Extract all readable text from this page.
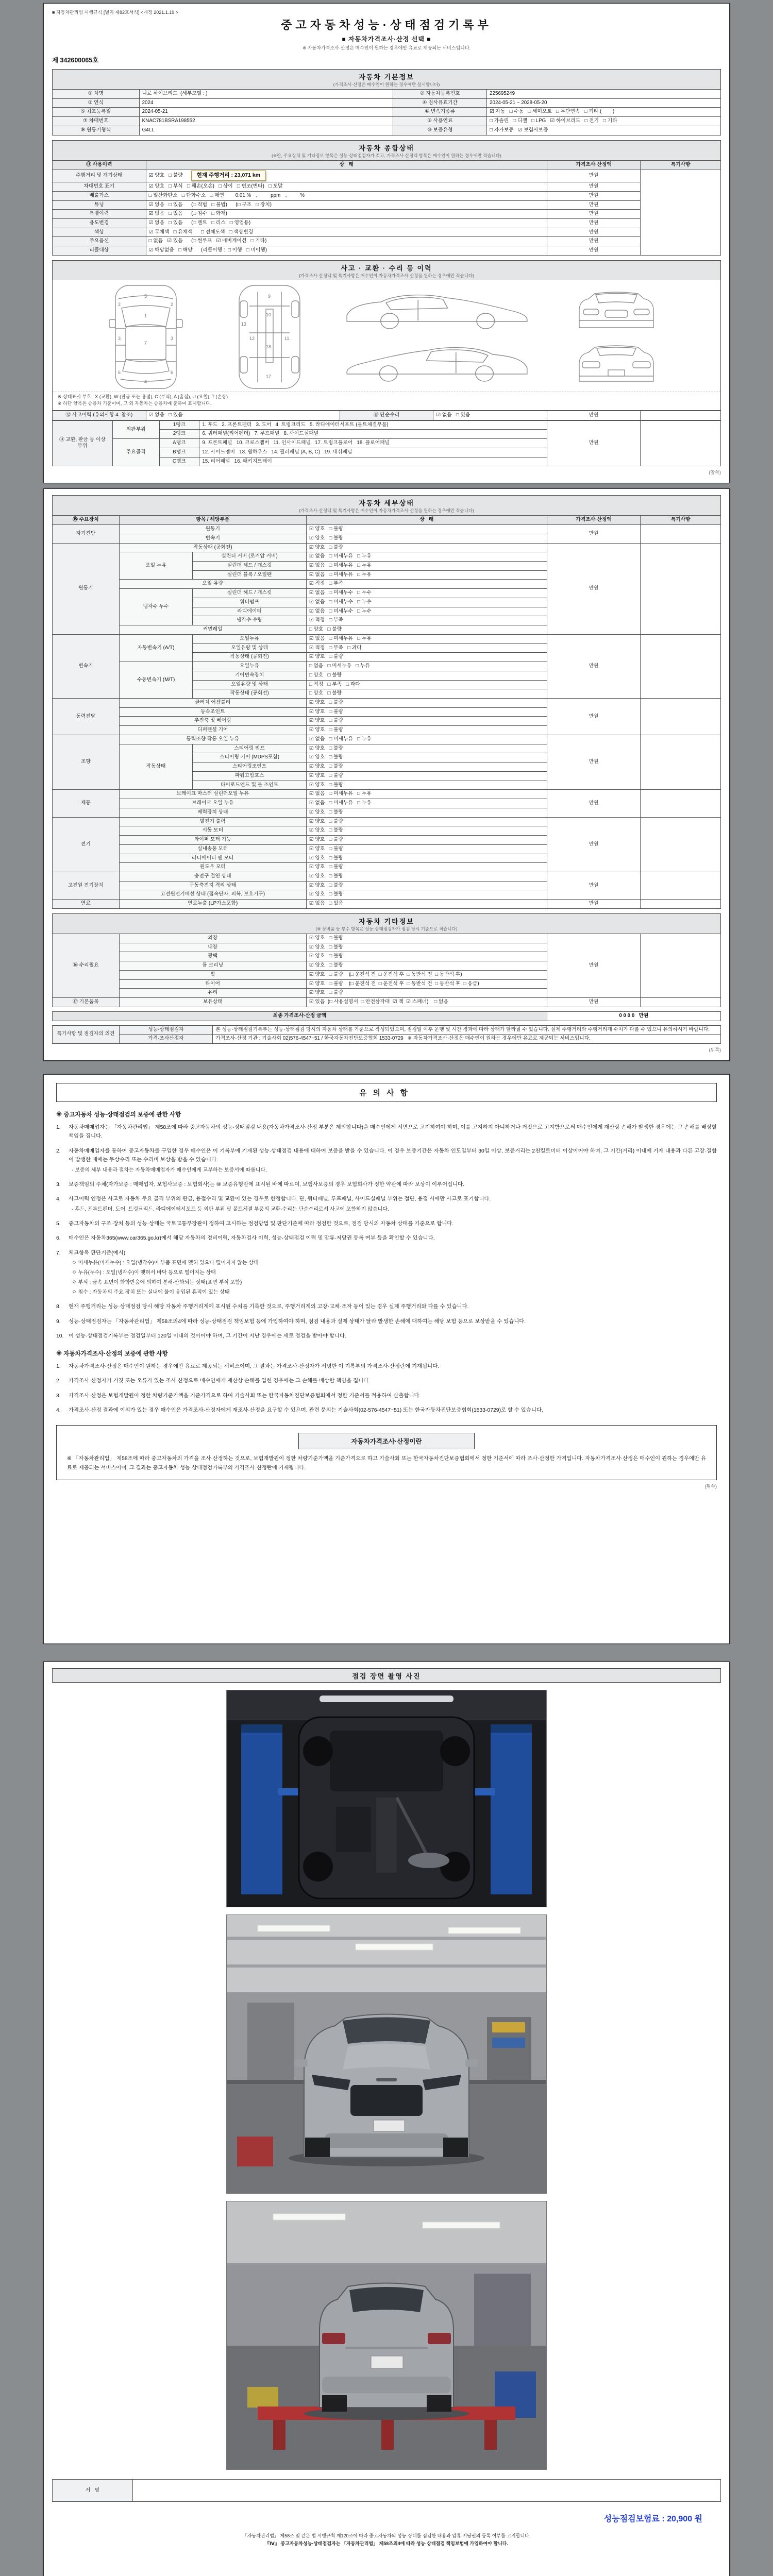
■ 자동차관리법 시행규칙 [별지 제82호서식] <개정 2021.1.19.>
중고자동차성능·상태점검기록부
■ 자동차가격조사·산정 선택 ■
※ 자동차가격조사·산정은 매수인이 원하는 경우에만 유료로 제공되는 서비스입니다.
제 342600065호
자동차 기본정보
(가격조사·산정은 매수인이 원하는 경우에만 실시합니다)
① 차명	니로 하이브리드  (세부모델 : )	② 자동차등록번호	225695249
③ 연식	2024	④ 검사유효기간	2024-05-21 ~ 2028-05-20
⑤ 최초등록일	2024-05-21	⑥ 변속기종류	☑ 자동   □ 수동   □ 세미오토   □ 무단변속   □ 기타 (        )
⑦ 차대번호	KNAC781BSRA198552	⑧ 사용연료	□ 가솔린   □ 디젤   □ LPG   ☑ 하이브리드   □ 전기   □ 기타
⑨ 원동기형식	G4LL	⑩ 보증유형	□ 자가보증   ☑ 보험사보증
자동차 종합상태
(※란, 주요장치 및 기타정보 항목은 성능·상태점검자가 적고, 가격조사·산정액 항목은 매수인이 원하는 경우에만 적습니다)
⑪ 사용이력	상   태	가격조사·산정액	특기사항
주행거리 및 계기상태	☑ 양호   □ 불량 현재 주행거리 : 23,071 km	만원	
차대번호 표기	☑ 양호   □ 부식   □ 훼손(오손)   □ 상이   □ 변조(변타)   □ 도말	만원	
배출가스	□ 일산화탄소   □ 탄화수소   □ 매연        0.01 %ㅤ,ㅤ      ppmㅤ,ㅤ      %	만원	
튜닝	☑ 없음   □ 있음      (□ 적법   □ 불법)      (□ 구조   □ 장치)	만원	
특별이력	☑ 없음   □ 있음      (□ 침수   □ 화재)	만원	
용도변경	☑ 없음   □ 있음      (□ 렌트   □ 리스   □ 영업용)	만원	
색상	☑ 무채색   □ 유채색      □ 전체도색   □ 색상변경	만원	
주요옵션	□ 없음   ☑ 있음      (□ 썬루프   ☑ 네비게이션   □ 기타)	만원	
리콜대상	☑ 해당없음   □ 해당      (리콜이행 :  □ 이행   □ 미이행)	만원	
사고 · 교환 · 수리 등 이력
(가격조사·산정액 및 특기사항은 매수인이 자동차가격조사·산정을 원하는 경우에만 적습니다)
5
1
7
4
2	2
3	3
6	6
9
10
18
17
12	11
13
※ 상태표시 부호 : X (교환), W (판금 또는 용접), C (부식), A (흠집), U (요철), T (손상)
※ 하단 항목은 승용차 기준이며, 그 외 자동차는 승용차에 준하여 표시합니다.
⑫ 사고이력 (유의사항 4. 참조)	☑ 없음   □ 있음	⑬ 단순수리	☑ 없음   □ 있음	만원	
⑭ 교환, 판금 등 이상 부위	외판부위	1랭크	1. 후드   2. 프론트펜더   3. 도어   4. 트렁크리드   5. 라디에이터서포트 (볼트체결부품)	만원	
		2랭크	6. 쿼터패널(리어펜더)   7. 루프패널   8. 사이드실패널		
	주요골격	A랭크	9. 프론트패널   10. 크로스멤버   11. 인사이드패널   17. 트렁크플로어   18. 플로어패널		
		B랭크	12. 사이드멤버   13. 휠하우스   14. 필러패널 (A, B, C)   19. 대쉬패널		
		C랭크	15. 리어패널   16. 패키지트레이		
(앞쪽)
자동차 세부상태
(가격조사·산정액 및 특기사항은 매수인이 자동차가격조사·산정을 원하는 경우에만 적습니다)
⑮ 주요장치	항목 / 해당부품		상   태	가격조사·산정액	특기사항
자기진단	원동기		☑ 양호   □ 불량	만원	
	변속기		☑ 양호   □ 불량		
원동기	작동상태 (공회전)		☑ 양호   □ 불량	만원	
	오일 누유	실린더 커버 (로커암 커버)	☑ 없음   □ 미세누유   □ 누유		
		실린더 헤드 / 개스킷	☑ 없음   □ 미세누유   □ 누유		
		실린더 블록 / 오일팬	☑ 없음   □ 미세누유   □ 누유		
	오일 유량		☑ 적정   □ 부족		
	냉각수 누수	실린더 헤드 / 개스킷	☑ 없음   □ 미세누수   □ 누수		
		워터펌프	☑ 없음   □ 미세누수   □ 누수		
		라디에이터	☑ 없음   □ 미세누수   □ 누수		
		냉각수 수량	☑ 적정   □ 부족		
	커먼레일		□ 양호   □ 불량		
변속기	자동변속기 (A/T)	오일누유	☑ 없음   □ 미세누유   □ 누유	만원	
		오일유량 및 상태	☑ 적정   □ 부족   □ 과다		
		작동상태 (공회전)	☑ 양호   □ 불량		
	수동변속기 (M/T)	오일누유	□ 없음   □ 미세누유   □ 누유		
		기어변속장치	□ 양호   □ 불량		
		오일유량 및 상태	□ 적정   □ 부족   □ 과다		
		작동상태 (공회전)	□ 양호   □ 불량		
동력전달	클러치 어셈블리		☑ 양호   □ 불량	만원	
	등속조인트		☑ 양호   □ 불량		
	추진축 및 베어링		☑ 양호   □ 불량		
	디퍼렌셜 기어		☑ 양호   □ 불량		
조향	동력조향 작동 오일 누유		☑ 없음   □ 미세누유   □ 누유	만원	
	작동상태	스티어링 펌프	☑ 양호   □ 불량		
		스티어링 기어 (MDPS포함)	☑ 양호   □ 불량		
		스티어링조인트	☑ 양호   □ 불량		
		파워고압호스	☑ 양호   □ 불량		
		타이로드엔드 및 볼 조인트	☑ 양호   □ 불량		
제동	브레이크 마스터 실린더오일 누유		☑ 없음   □ 미세누유   □ 누유	만원	
	브레이크 오일 누유		☑ 없음   □ 미세누유   □ 누유		
	배력장치 상태		☑ 양호   □ 불량		
전기	발전기 출력		☑ 양호   □ 불량	만원	
	시동 모터		☑ 양호   □ 불량		
	와이퍼 모터 기능		☑ 양호   □ 불량		
	실내송풍 모터		☑ 양호   □ 불량		
	라디에이터 팬 모터		☑ 양호   □ 불량		
	윈도우 모터		☑ 양호   □ 불량		
고전원 전기장치	충전구 절연 상태		☑ 양호   □ 불량	만원	
	구동축전지 격리 상태		☑ 양호   □ 불량		
	고전원전기배선 상태 (접속단자, 피복, 보호기구)		☑ 양호   □ 불량		
연료	연료누출 (LP가스포함)		☑ 없음   □ 있음	만원	
자동차 기타정보
(※ 장비품 등 부수 항목은 성능·상태점검자가 점검 당시 기준으로 적습니다)
⑯ 수리필요	외장	☑ 양호   □ 불량	만원	
	내장	☑ 양호   □ 불량		
	광택	☑ 양호   □ 불량		
	룸 크리닝	☑ 양호   □ 불량		
	휠	☑ 양호   □ 불량    (□ 운전석 전  □ 운전석 후  □ 동반석 전  □ 동반석 후)		
	타이어	☑ 양호   □ 불량    (□ 운전석 전  □ 운전석 후  □ 동반석 전  □ 동반석 후  □ 응급)		
	유리	☑ 양호   □ 불량		
⑰ 기본품목	보유상태	☑ 있음  (□ 사용설명서  □ 안전삼각대  ☑ 잭  ☑ 스패너)    □ 없음	만원	
최종 가격조사·산정 금액	0 0 0 0   만원
특기사항 및 점검자의 의견	성능·상태점검자	본 성능·상태점검기록부는 성능·상태점검 당시의 자동차 상태를 기준으로 작성되었으며, 점검일 이후 운행 및 시간 경과에 따라 상태가 달라질 수 있습니다. 실제 주행거리와 주행거리계 수치가 다를 수 있으니 유의하시기 바랍니다.
	가격·조사산정자	가격조사·산정 기관 : 기술사회 02)576-4547~51 / 한국자동차진단보증협회 1533-0729   ※ 자동차가격조사·산정은 매수인이 원하는 경우에만 유료로 제공되는 서비스입니다.
(뒤쪽)
유의사항
※ 중고자동차 성능·상태점검의 보증에 관한 사항
1.	자동차매매업자는 「자동차관리법」 제58조에 따라 중고자동차의 성능·상태점검 내용(자동차가격조사·산정 부분은 제외합니다)을 매수인에게 서면으로 고지하여야 하며, 이를 고지하지 아니하거나 거짓으로 고지함으로써 매수인에게 재산상 손해가 발생한 경우에는 그 손해를 배상할 책임을 집니다.
2.	자동차매매업자를 통하여 중고자동차를 구입한 경우 매수인은 이 기록부에 기재된 성능·상태점검 내용에 대하여 보증을 받을 수 있습니다. 이 경우 보증기간은 자동차 인도일부터 30일 이상, 보증거리는 2천킬로미터 이상이어야 하며, 그 기간(거리) 이내에 기재 내용과 다른 고장·결함이 발생한 때에는 무상수리 또는 수리비 보상을 받을 수 있습니다.
- 보증의 세부 내용과 절차는 자동차매매업자가 매수인에게 교부하는 보증서에 따릅니다.
3.	보증책임의 주체(자가보증 : 매매업자, 보험사보증 : 보험회사)는 ⑩ 보증유형란에 표시된 바에 따르며, 보험사보증의 경우 보험회사가 정한 약관에 따라 보상이 이루어집니다.
4.	사고이력 인정은 사고로 자동차 주요 골격 부위의 판금, 용접수리 및 교환이 있는 경우로 한정합니다. 단, 쿼터패널, 루프패널, 사이드실패널 부위는 절단, 용접 시에만 사고로 표기합니다.
- 후드, 프론트펜더, 도어, 트렁크리드, 라디에이터서포트 등 외판 부위 및 볼트체결 부품의 교환·수리는 단순수리로서 사고에 포함하지 않습니다.
5.	중고자동차의 구조·장치 등의 성능·상태는 국토교통부장관이 정하여 고시하는 점검방법 및 판단기준에 따라 점검한 것으로, 점검 당시의 자동차 상태를 기준으로 합니다.
6.	매수인은 자동차365(www.car365.go.kr)에서 해당 자동차의 정비이력, 자동차검사 이력, 성능·상태점검 이력 및 압류·저당권 등록 여부 등을 확인할 수 있습니다.
7.	체크항목 판단기준(예시)
ㅇ 미세누유(미세누수) : 오일(냉각수)이 부품 표면에 맺혀 있으나 떨어지지 않는 상태
ㅇ 누유(누수) : 오일(냉각수)이 맺혀서 바닥 등으로 떨어지는 상태
ㅇ 부식 : 금속 표면이 화학반응에 의하여 분해·산화되는 상태(표면 부식 포함)
ㅇ 침수 : 자동차의 주요 장치 또는 실내에 물이 유입된 흔적이 있는 상태
8.	현재 주행거리는 성능·상태점검 당시 해당 자동차 주행거리계에 표시된 수치를 기록한 것으로, 주행거리계의 고장·교체·조작 등이 있는 경우 실제 주행거리와 다를 수 있습니다.
9.	성능·상태점검자는 「자동차관리법」 제58조의4에 따라 성능·상태점검 책임보험 등에 가입하여야 하며, 점검 내용과 실제 상태가 달라 발생한 손해에 대하여는 해당 보험 등으로 보상받을 수 있습니다.
10. 이 성능·상태점검기록부는 점검일부터 120일 이내의 것이어야 하며, 그 기간이 지난 경우에는 새로 점검을 받아야 합니다.
※ 자동차가격조사·산정의 보증에 관한 사항
1.	자동차가격조사·산정은 매수인이 원하는 경우에만 유료로 제공되는 서비스이며, 그 결과는 가격조사·산정자가 서명한 이 기록부의 가격조사·산정란에 기재됩니다.
2.	가격조사·산정자가 거짓 또는 오류가 있는 조사·산정으로 매수인에게 재산상 손해를 입힌 경우에는 그 손해를 배상할 책임을 집니다.
3.	가격조사·산정은 보험개발원이 정한 차량기준가액을 기준가격으로 하여 기술사회 또는 한국자동차진단보증협회에서 정한 기준서를 적용하여 산출합니다.
4.	가격조사·산정 결과에 이의가 있는 경우 매수인은 가격조사·산정자에게 재조사·산정을 요구할 수 있으며, 관련 문의는 기술사회(02-576-4547~51) 또는 한국자동차진단보증협회(1533-0729)로 할 수 있습니다.
자동차가격조사·산정이란
※ 「자동차관리법」 제58조에 따라 중고자동차의 가격을 조사·산정하는 것으로, 보험개발원이 정한 차량기준가액을 기준가격으로 하고 기술사회 또는 한국자동차진단보증협회에서 정한 기준서에 따라 조사·산정한 가격입니다. 자동차가격조사·산정은 매수인이 원하는 경우에만 유료로 제공되는 서비스이며, 그 결과는 중고자동차 성능·상태점검기록부의 가격조사·산정란에 기재됩니다.
(뒤쪽)
점검 장면 촬영 사진
서   명	
성능점검보험료 : 20,900 원
「자동차관리법」 제58조 및 같은 법 시행규칙 제120조에 따라 중고자동차의 성능·상태를 점검한 내용과 압류·저당권의 등록 여부를 고지합니다.
『Ⅳ』 중고자동차성능·상태점검자는 「자동차관리법」 제58조의4에 따라 성능·상태점검 책임보험에 가입하여야 합니다.
